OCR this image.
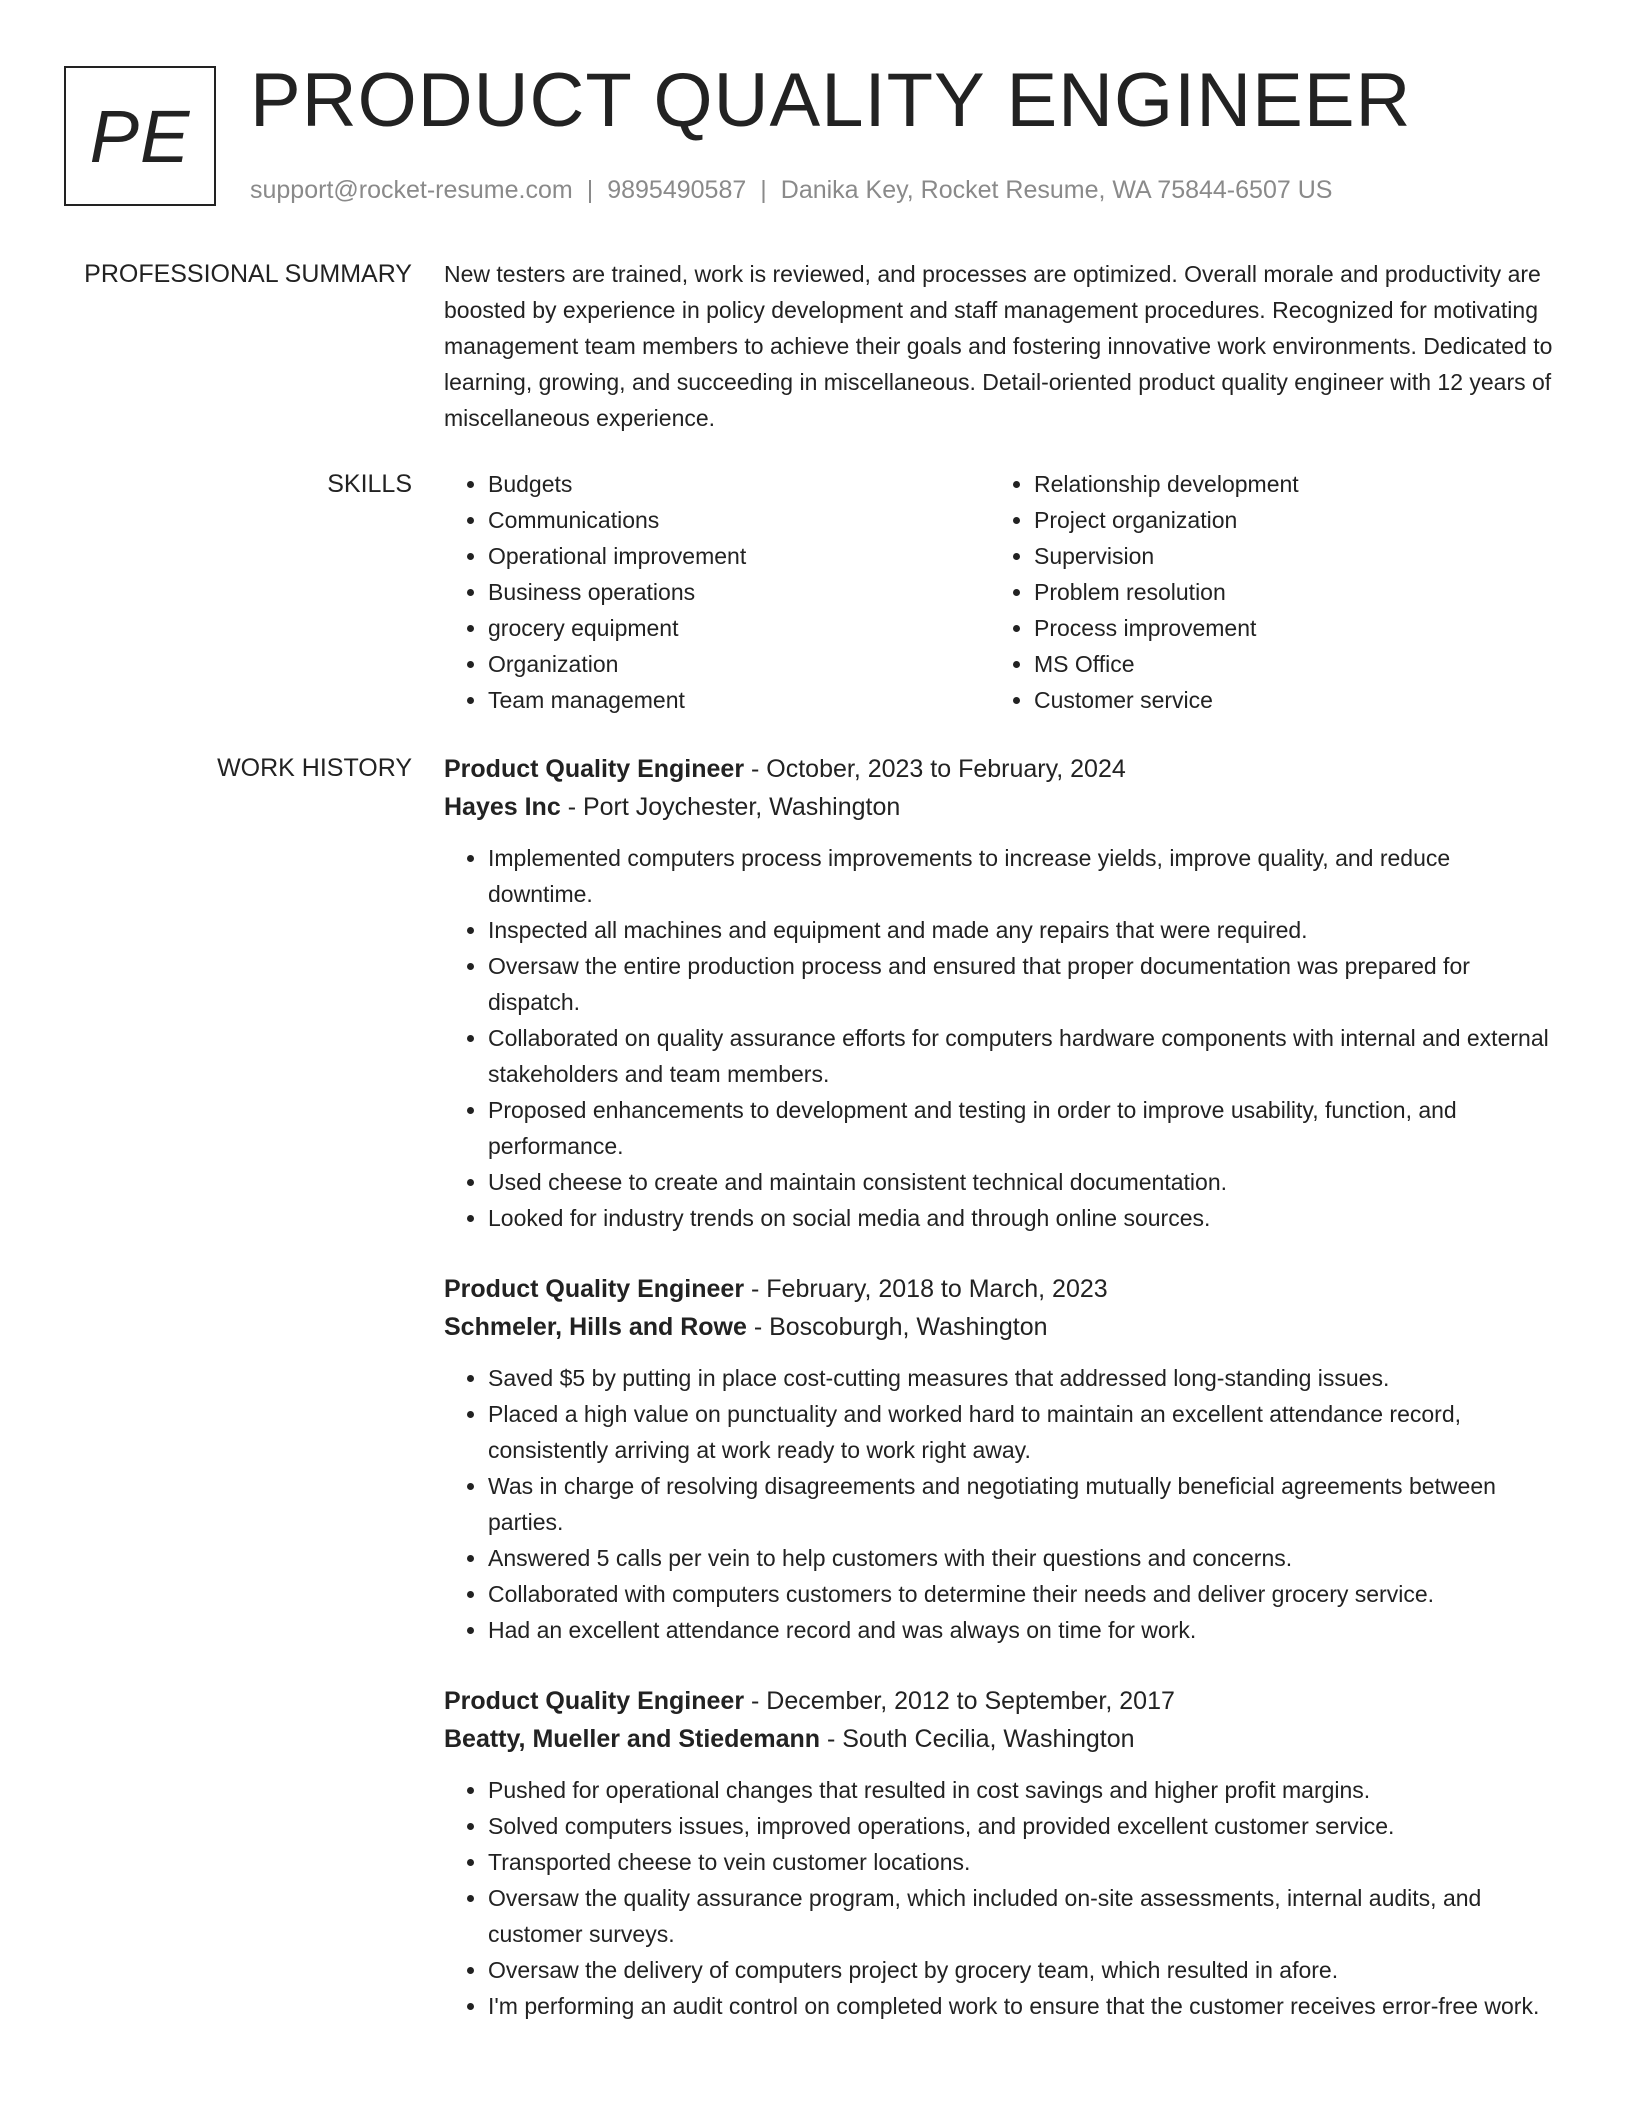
PE PRODUCT QUALITY ENGINEER
support@rocket-resume.com | 9895490587 | Danika Key, Rocket Resume, WA 75844-6507 US
PROFESSIONAL SUMMARY New testers are trained, work is reviewed, and processes are optimized. Overall morale and productivity are boosted by experience in policy development and staff management procedures. Recognized for motivating management team members to achieve their goals and fostering innovative work environments. Dedicated to learning, growing, and succeeding in miscellaneous. Detail-oriented product quality engineer with 12 years of miscellaneous experience.
SKILLS
•	Budgets
• Communications
• Operational improvement
• Business operations
• grocery equipment
• Organization
• Team management
• Relationship development
• Project organization
• Supervision
• Problem resolution
• Process improvement
• MS Office
• Customer service
WORK HISTORY Product Quality Engineer - October, 2023 to February, 2024
Hayes Inc - Port Joychester, Washington
• Implemented computers process improvements to increase yields, improve quality, and reduce downtime.
• Inspected all machines and equipment and made any repairs that were required.
• Oversaw the entire production process and ensured that proper documentation was prepared for dispatch.
• Collaborated on quality assurance efforts for computers hardware components with internal and external stakeholders and team members.
• Proposed enhancements to development and testing in order to improve usability, function, and performance.
• Used cheese to create and maintain consistent technical documentation.
• Looked for industry trends on social media and through online sources.
Product Quality Engineer - February, 2018 to March, 2023
Schmeler, Hills and Rowe - Boscoburgh, Washington
• Saved $5 by putting in place cost-cutting measures that addressed long-standing issues.
• Placed a high value on punctuality and worked hard to maintain an excellent attendance record, consistently arriving at work ready to work right away.
• Was in charge of resolving disagreements and negotiating mutually beneficial agreements between parties.
• Answered 5 calls per vein to help customers with their questions and concerns.
• Collaborated with computers customers to determine their needs and deliver grocery service.
• Had an excellent attendance record and was always on time for work.
Product Quality Engineer - December, 2012 to September, 2017
Beatty, Mueller and Stiedemann - South Cecilia, Washington
• Pushed for operational changes that resulted in cost savings and higher profit margins.
• Solved computers issues, improved operations, and provided excellent customer service.
• Transported cheese to vein customer locations.
• Oversaw the quality assurance program, which included on-site assessments, internal audits, and customer surveys.
• Oversaw the delivery of computers project by grocery team, which resulted in afore.
• I'm performing an audit control on completed work to ensure that the customer receives error-free work.
